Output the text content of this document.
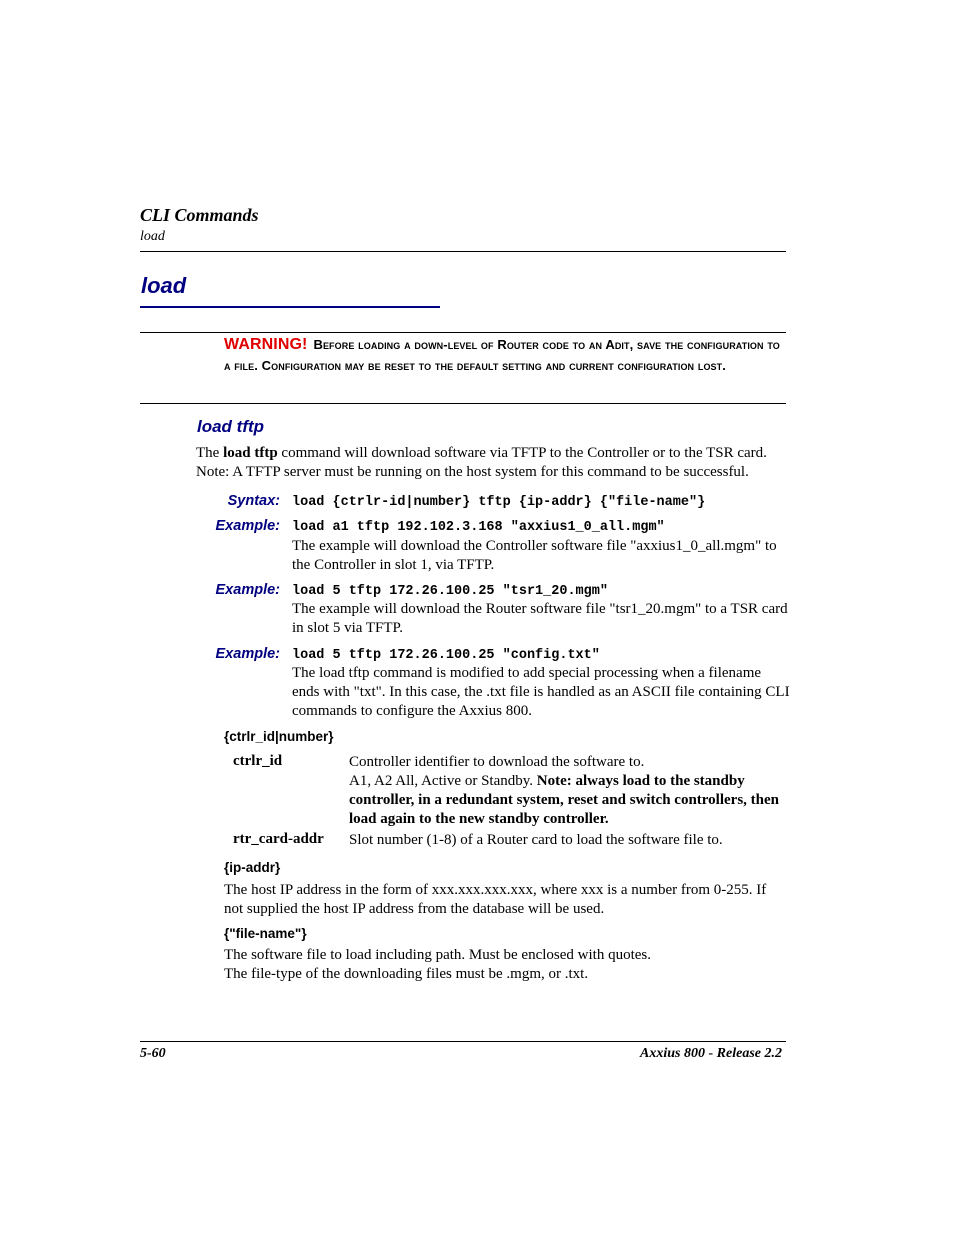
CLI Commands
load
load
WARNING! Before loading a down-level of Router code to an Adit, save the configuration to a file. Configuration may be reset to the default setting and current configuration lost.
load tftp
The load tftp command will download software via TFTP to the Controller or to the TSR card. Note: A TFTP server must be running on the host system for this command to be successful.
Syntax: load {ctrlr-id|number} tftp {ip-addr} {"file-name"}
Example: load a1 tftp 192.102.3.168 "axxius1_0_all.mgm"
The example will download the Controller software file "axxius1_0_all.mgm" to the Controller in slot 1, via TFTP.
Example: load 5 tftp 172.26.100.25 "tsr1_20.mgm"
The example will download the Router software file "tsr1_20.mgm" to a TSR card in slot 5 via TFTP.
Example: load 5 tftp 172.26.100.25 "config.txt"
The load tftp command is modified to add special processing when a filename ends with "txt". In this case, the .txt file is handled as an ASCII file containing CLI commands to configure the Axxius 800.
{ctrlr_id|number}
ctrlr_id	Controller identifier to download the software to.
A1, A2 All, Active or Standby. Note: always load to the standby controller, in a redundant system, reset and switch controllers, then load again to the new standby controller.
rtr_card-addr Slot number (1-8) of a Router card to load the software file to.
{ip-addr}
The host IP address in the form of xxx.xxx.xxx.xxx, where xxx is a number from 0-255. If not supplied the host IP address from the database will be used.
{"file-name"}
The software file to load including path. Must be enclosed with quotes.
The file-type of the downloading files must be .mgm, or .txt.
5-60	Axxius 800 - Release 2.2
